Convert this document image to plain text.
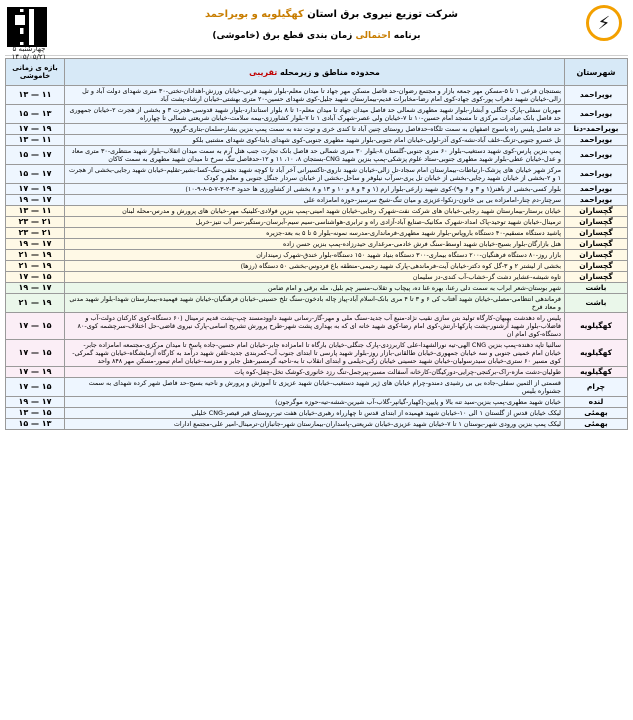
چهارشنبه ۵
۱۴۰۵/۰۵/۲۱
شرکت توزیع نیروی برق استان کهگیلویه و بویراحمد
برنامه احتمالی زمان بندی قطع برق (خاموشی)
⚡
شهرستان	محدوده مناطق و زیرمحله تقریبی	بازه ی زمانی خاموشی
بویراحمد	بستنجان قرعی ۱ تا ۵-مسکن مهر جمعه بازار و مجتمع رضوان-حد فاصل مسکن مهر جهاد تا میدان معلم-بلوار شهید قرنی-خیابان ورزش-اهدادان-تختی-۳۰ متری شهدای دولت آباد و تل زالی-خیابان شهید دهراب پور-کوی جهاد-کوی امام رضا-مخابرات قدیم-بیمارستان شهید جلیل-کوی شهدای حسین-۲۰ متری بهشتی-خیابان ارشاد-پشت آباد	۱۳ — ۱۱
بویراحمد	مهریان سفلی-پارک جنگلی و آبشار-بلوار شهید مطهری شمالی حد فاصل میدان جهاد تا میدان معلم-۱ تا ۸ بلوار استاندارد-بلوار شهید قدوسی-هجرت ۳ و بخشی از هجرت ۲-خیابان جمهوری حد فاصل بانک صادرات مرکزی تا مسجد امام حسین-۱۰ تا ۷-خیابان ولی عصر-شهرک آبادی ۱ تا ۷-بلوار کشاورزی-بیمه سلامت-خیابان شریعتی شمالی تا چهارراه	۱۵ — ۱۳
بویراحمد-دنا	حد فاصل پلیس راه یاسوج اصفهان به سمت تلگاه-حدفاصل روستای چنین آباد تا کندی خری و توت نده به سمت پمپ بنزین بشار-سلمان-بتاری-گرووه	۱۷ — ۱۹
بویراحمد	تل خسرو جنوبی-تزنگ-خلف آباد-نشه-کوی آذر-لولی-خیابان امام جنوبی-بلوار شهید مطهری جنوبی-کوی شهدای بابتا-کوی شهدای مشتبی بلکو	۱۳ — ۱۱
بویراحمد	پمپ بنزین پارس-کوی شهید دستغیب-بلوار ۶۰ متری جنوبی-گلستان ۸-بلوار ۳۰ متری شمالی حد فاصل بانک تجارت جنب هتل آرم به سمت میدان انقلاب-بلوار شهید منتظری-۳۰ متری معاد و عدل-خیابان عطی-بلوار شهید مطهری جنوبی-ستاد علوم پزشکی-پمپ بنزین شهید CNG-بستجان ۸، ۱۰، ۱۱ و ۱۲-حدفاصل تنگ سرخ تا میدان شهید مطهری به سمت کاکان	۱۵ — ۱۷
بویراحمد	مرکز شهر خیابان های پزشک-ارتباطات-بیمارستان امام سجاد-تل زالی-خیابان شهید ناروی-تاکسیرانی آخر آباد تا کوچه شهید نجفی-تنگ-کسا-بشیر-تقلیم-خیابان شهید رجایی-بخشی از هجرت ۱ و ۲-بخشی از خیابان شهید رجایی-بخشی از خیابان تل یری-سرآب نیلوفر و ساحل-بخشی از خیابان سردار جنگل جنوبی و معلم و کودک	۱۵ — ۱۷
بویراحمد	بلوار کسی-بخشی از باهنر(۱ و ۳ و ۶ و۹)-کوی شهید زارعی-بلوار ارم (۱ و ۴ و ۸ و ۱۰ و ۱۳ و ۸ بخشی از کشاورزی ها حدود ۳-۲-۳-۷-۵-۸-۹-۱۰)	۱۷ — ۱۹
بویراحمد	سرچنار-دم چنار-امامزاده بی بی خاتون-زنکوا-عزیزی و میان تنگ-شیخ سرسبز-حوزه امامزاده علی	۱۹ — ۱۷
گچساران	خیابان برستار-بیمارستان شهید رجایی-خیابان های شرکت نفت-شهرک رجایی-خیابان شهید امینی-پمپ بنزین فولادی-کلینیک مهر-خیابان های پرورش و مدرس-محله لبنان	۱۳ — ۱۱
گچساران	ترمینال-خیابان شهید توحید-پاک امداد-شهرک مکانیک-صنایع آباد-آزادی راه و ترابری-هواشناسی-سیم سیم-آبرسان-رستگیر-سر آب تنیز-خربل	۲۳ — ۲۱
گچساران	پاشید دستگاه مسقیم-۴۰ دستگاه باروپاس-بلوار شهید مطهری-فرمانداری-مدرسه نمونه-بلوار ۵ تا ۵ به بعد-جزیره	۲۳ — ۲۱
گچساران	هتل بازارگان-بلوار بسیج-خیابان شهید اوسط-سنگ فرش خادمی-مرغداری حیدرزاده-پمپ بنزین حسن زاده	۱۹ — ۱۷
گچساران	بازار روز-۸۰ دستگاه فرهنگیان-۲۰۰ دستگاه بیماری-۳۰۰ دستگاه بنیاد شهید ۱۵۰ دستگاه-بلوار خندق-شهرک زمینداران	۲۱ — ۱۹
گچساران	بخشی از لیشتر ۲ و ۳-گل کوه دکتر-خیابان آیت-فرماندهی-پارک شهید رحیمی-منطقه باغ فردوس-بخشی ۵۰ دستگاه (رزها)	۲۱ — ۱۹
گچساران	تاوه شیشه-عشایر دشت گز-خشاب-آب کندی-دز سلیمان	۱۷ — ۱۵
باشت	شهر بوستان-شعر ابراب به سمت دلی رعنا، بهره غنا ده، پیچاب و تقلاب-مسیر چم بلیل، مله برقی و امام ضامن	۱۹ — ۱۷
باشت	فرماندهی انتظامی-مصلی-خیابان شهید آفتاب کی ۶ و ۳ تا ۴ مری بانک-اسلام آباد-پیاز چاله بادخون-سنگ تلخ حسینی-خیابان فرهنگیان-خیابان شهید فهمیده-بیمارستان شهدا-بلوار شهید مدنی و معاد فرخ	۲۱ — ۱۹
کهگیلویه	پلیس راه دهدشت بهبهان-کارگاه تولید بتن سازی نقیب نژاد-منبع آب جدید-سنگ ملی و مهر-گاز-رسانی شهید داوودمسند چپ-پشت قدیم ترمینال (۶۰ دستگاه-کوی کارکنان دولت-آب و فاضلاب-بلوار شهید آرشنور-پشت پارکها-ارتش-کوی امام رضا-کوی شهید خانه ای که به بهداری پشت شهر-طرح پرورش تشریح اسامی-پارک نیروی قاضی-حل اختلاف-سرچشمه کوی-۸۰ دستگاه-کوی امام ان	۱۷ — ۱۵
کهگیلویه	سالنیا تاپه دهنده-پمپ بنزین CNG الهی-تیه نورالشهدا-علی کاربرزدی-پارک جنگلی-خیابان بارگاه تا امامزاده جابر-خیابان امام حسین-جاده پاسخ تا میدان مرکزی-مجتمعه امامزاده جابر-خیابان امام خمینی جنوبی و سه خیابان جمهوری-خیابان طالقانی-بازار روز-بلوار شهید پارسی تا ابتدای جنوب آب-کمربندی جدید-تلفن شهید درآمد به کارگاه آزمایشگاه-خیابان شهید گمرکی-کوی مسیر ۶۰ ستری-خیابان سیدرسولیان-خیابان شهید حسینی خیابان زکی-دیلمی و ابتدای انقلاب تا به-ناحیه گرمسیر-هتل جابر و مدرسه-خیابان امام تیمور-مسکن مهر ۸۴۸ واحد	۱۷ — ۱۵
کهگیلویه	طولیان-دشت مازه-راک-برکنجی-چرایی-دورکیگان-کارخانه آسفالت مسیر-پیرجمل-تنگ رزد خانوری-کوشک تخل-چفل-کوه پات	۱۷ — ۱۹
چرام	قسمتی از الثمین سفلی-جاده بی بی رشیدی دمندو-چرام خیابان های ژیر شهید دستغیب-خیابان شهید عزیزی تا آموزش و پرورش و ناحیه بسیج-حد فاصل شهر کرده شهدای به سمت جشنواره بلیس	۱۷ — ۱۵
لنده	خیابان شهید مطهری-پمپ بنزین-سید تنه بالا و پایین-(کهیار-گیانپر-گلاب-آب شیرین-ششه-تیه-حوزه موگرجون)	۱۹ — ۱۷
بهمئی	لیکک خیابان قدس از گلستان ۱ الی ۱۰-خیابان شهید فهمیده از ابتدای قدس تا چهارراه رهبری-خیابان هفت تیر-روستای قیر قیصر-CNG خلیلی	۱۳ — ۱۵
بهمئی	لیکک پمپ بنزین ورودی شهر-بوستان ۱ تا ۷-خیابان شهید عزیزی-خیابان شریعتی-پاسداران-بیمارستان شهر-جانبازان-ترمینال-امیر علی-مجتمع ادارات	۱۵ — ۱۳
